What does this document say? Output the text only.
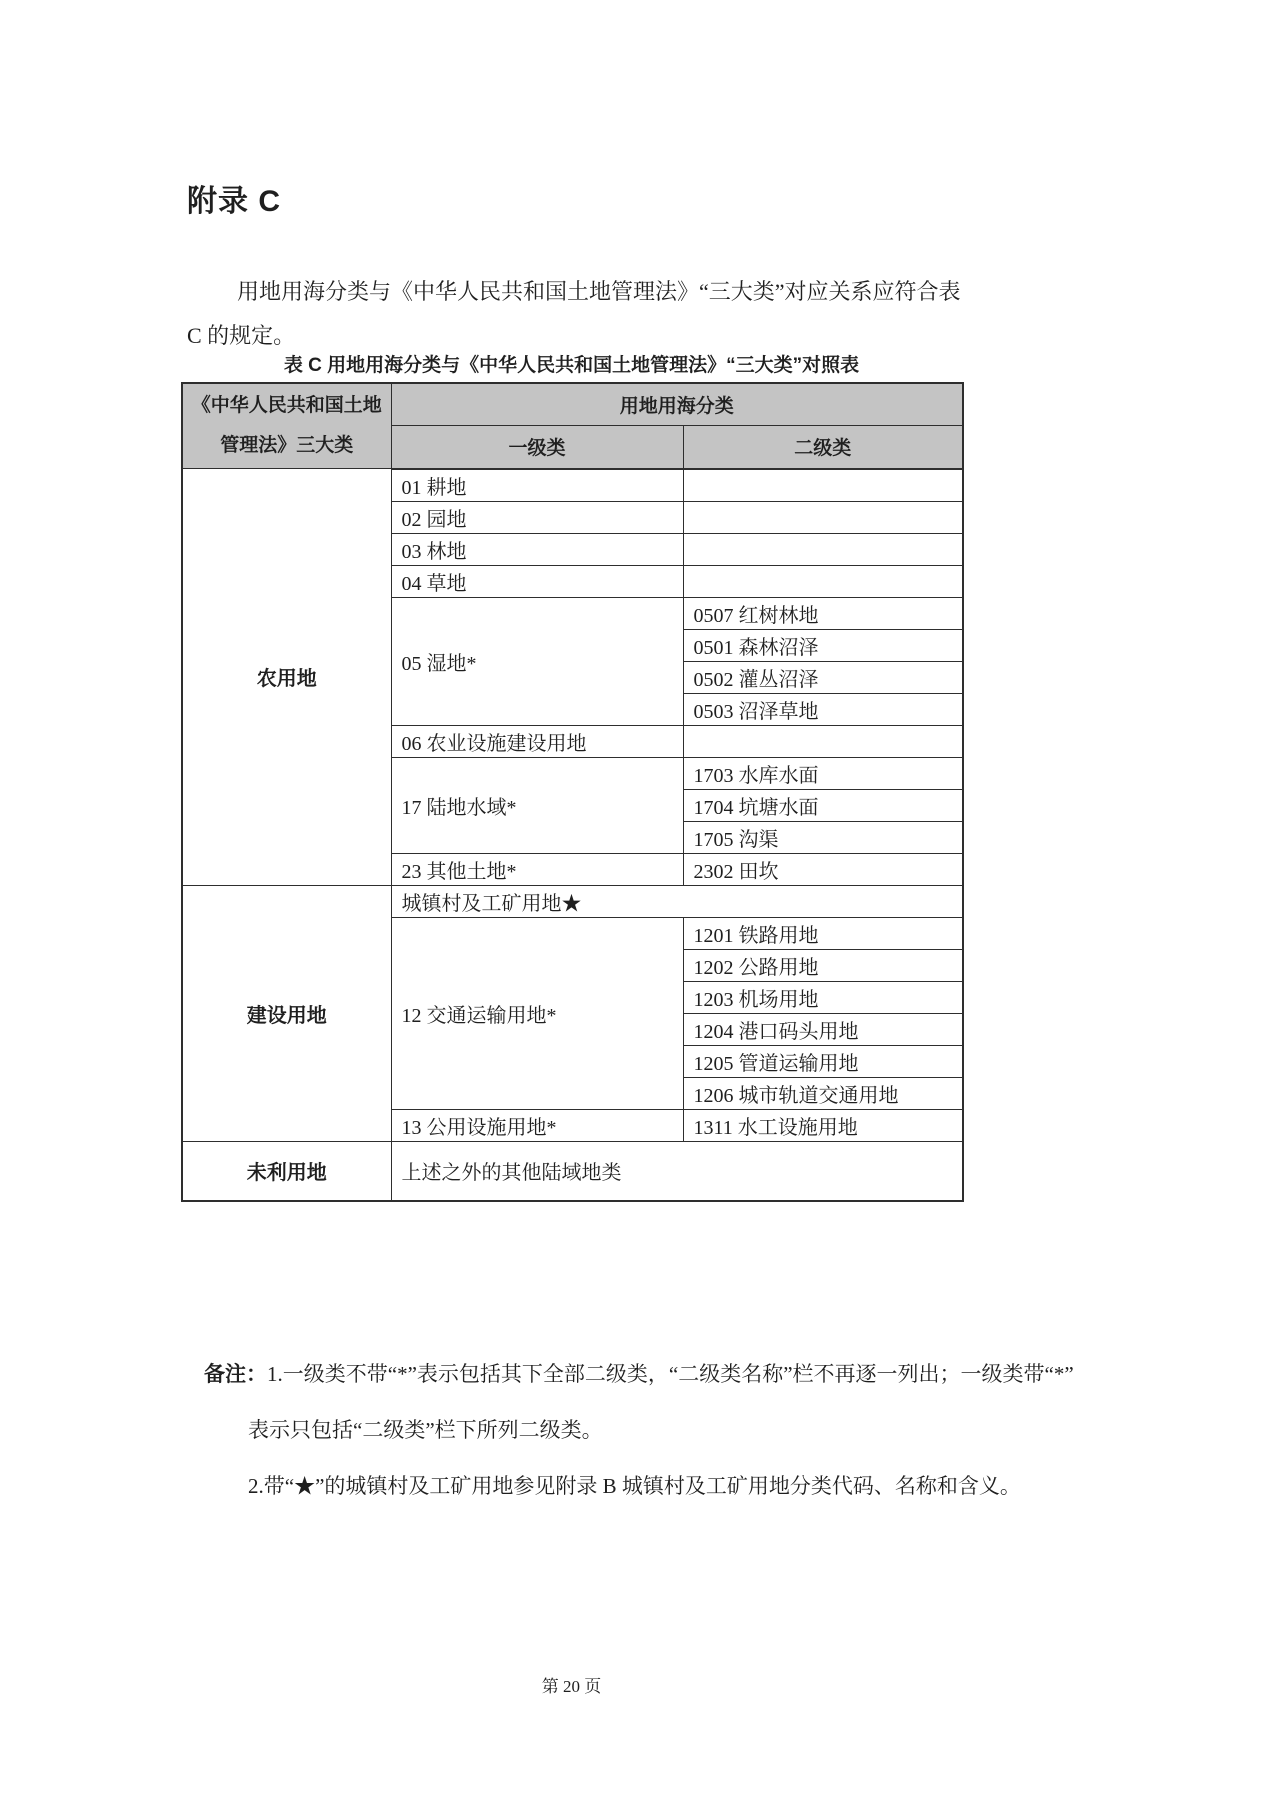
附录 C
用地用海分类与《中华人民共和国土地管理法》“三大类”对应关系应符合表
C 的规定。
表 C 用地用海分类与《中华人民共和国土地管理法》“三大类”对照表
《中华人民共和国土地管理法》三大类	用地用海分类	
	一级类	二级类
农用地	01 耕地	
	02 园地	
	03 林地	
	04 草地	
	05 湿地*	0507 红树林地
		0501 森林沼泽
		0502 灌丛沼泽
		0503 沼泽草地
	06 农业设施建设用地	
	17 陆地水域*	1703 水库水面
		1704 坑塘水面
		1705 沟渠
	23 其他土地*	2302 田坎
建设用地	城镇村及工矿用地★	
	12 交通运输用地*	1201 铁路用地
		1202 公路用地
		1203 机场用地
		1204 港口码头用地
		1205 管道运输用地
		1206 城市轨道交通用地
	13 公用设施用地*	1311 水工设施用地
未利用地	上述之外的其他陆域地类	
备注：1.一级类不带“*”表示包括其下全部二级类，“二级类名称”栏不再逐一列出；一级类带“*”
表示只包括“二级类”栏下所列二级类。
2.带“★”的城镇村及工矿用地参见附录 B 城镇村及工矿用地分类代码、名称和含义。
第 20 页
